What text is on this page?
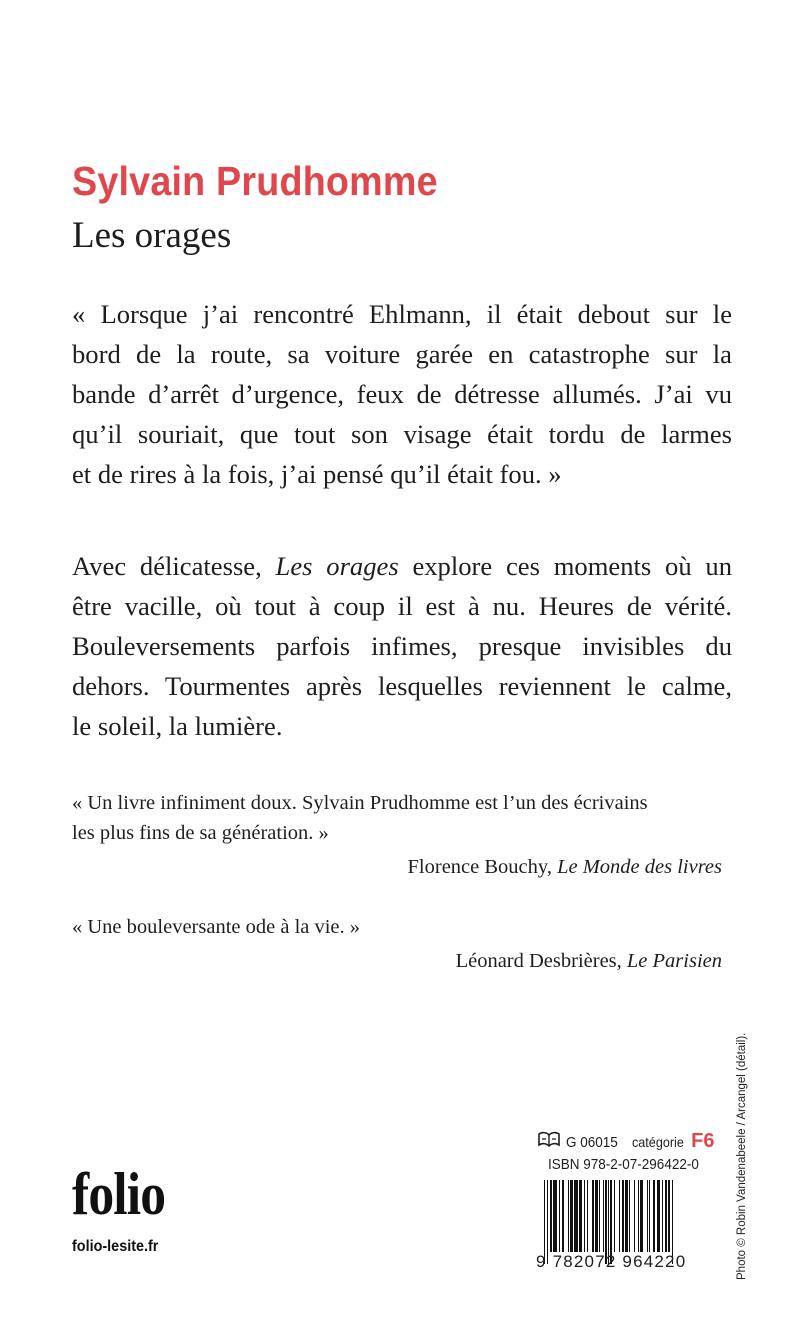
Sylvain Prudhomme
Les orages
« Lorsque j’ai rencontré Ehlmann, il était debout sur le
bord de la route, sa voiture garée en catastrophe sur la
bande d’arrêt d’urgence, feux de détresse allumés. J’ai vu
qu’il souriait, que tout son visage était tordu de larmes
et de rires à la fois, j’ai pensé qu’il était fou. »
Avec délicatesse, Les orages explore ces moments où un
être vacille, où tout à coup il est à nu. Heures de vérité.
Bouleversements parfois infimes, presque invisibles du
dehors. Tourmentes après lesquelles reviennent le calme,
le soleil, la lumière.
« Un livre infiniment doux. Sylvain Prudhomme est l’un des écrivains
les plus fins de sa génération. »
Florence Bouchy, Le Monde des livres
« Une bouleversante ode à la vie. »
Léonard Desbrières, Le Parisien
Photo © Robin Vandenabeele / Arcangel (détail).
folio
folio-lesite.fr
G 06015 catégorie F6
ISBN 978-2-07-296422-0
9 782072 964220
